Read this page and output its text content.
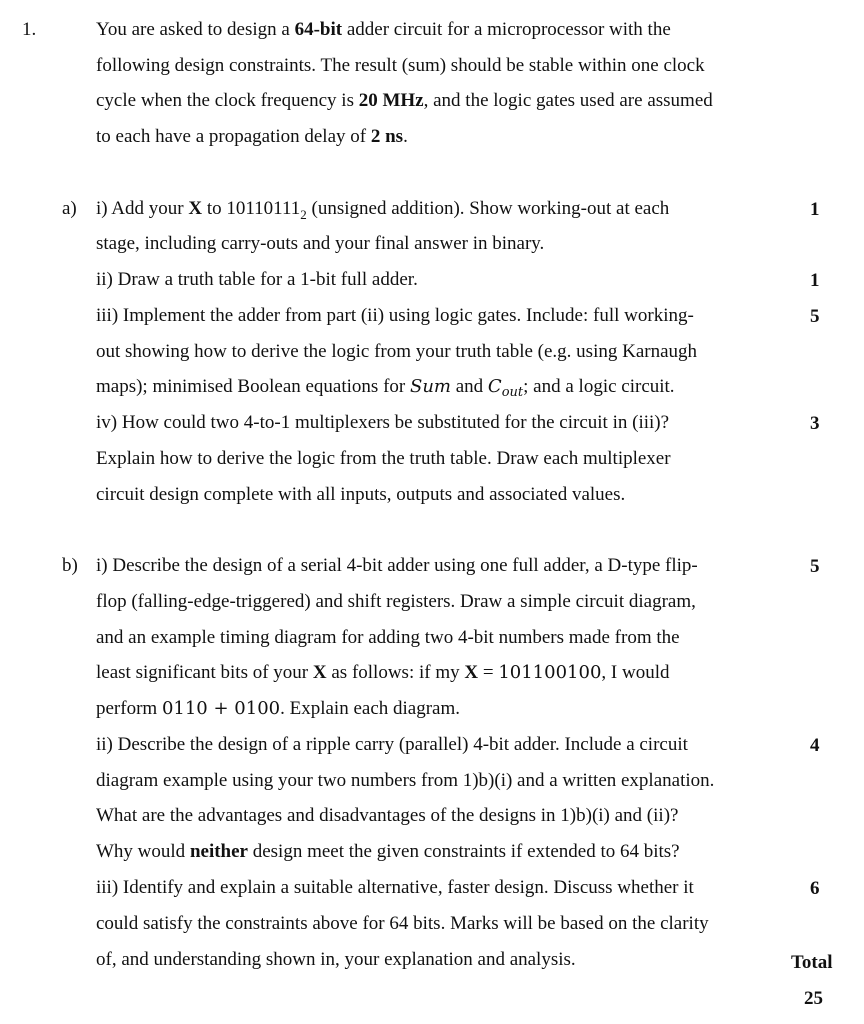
1.	You are asked to design a 64-bit adder circuit for a microprocessor with the
following design constraints. The result (sum) should be stable within one clock
cycle when the clock frequency is 20 MHz, and the logic gates used are assumed
to each have a propagation delay of 2 ns.
a) i) Add your X to $10110111_2$ (unsigned addition). Show working-out at each	1
stage, including carry-outs and your final answer in binary.
ii) Draw a truth table for a 1-bit full adder.	1
iii) Implement the adder from part (ii) using logic gates. Include: full working-	5
out showing how to derive the logic from your truth table (e.g. using Karnaugh
maps); minimised Boolean equations for Sum and $C_{out}$; and a logic circuit.
iv) How could two 4-to-1 multiplexers be substituted for the circuit in (iii)?	3
Explain how to derive the logic from the truth table. Draw each multiplexer
circuit design complete with all inputs, outputs and associated values.
b) i) Describe the design of a serial 4-bit adder using one full adder, a D-type flip-	5
flop (falling-edge-triggered) and shift registers. Draw a simple circuit diagram,
and an example timing diagram for adding two 4-bit numbers made from the
least significant bits of your X as follows: if my X = 101100100, I would
perform 0110 + 0100. Explain each diagram.
ii) Describe the design of a ripple carry (parallel) 4-bit adder. Include a circuit	4
diagram example using your two numbers from 1)b)(i) and a written explanation.
What are the advantages and disadvantages of the designs in 1)b)(i) and (ii)?
Why would neither design meet the given constraints if extended to 64 bits?
iii) Identify and explain a suitable alternative, faster design. Discuss whether it	6
could satisfy the constraints above for 64 bits. Marks will be based on the clarity
of, and understanding shown in, your explanation and analysis.	Total
25
